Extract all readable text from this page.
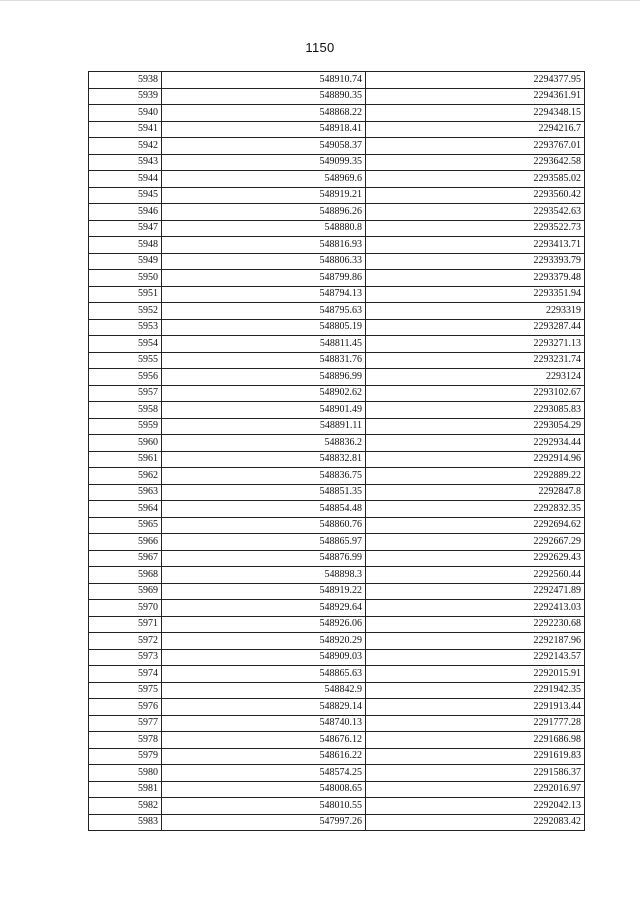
1150
5938	548910.74	2294377.95
5939	548890.35	2294361.91
5940	548868.22	2294348.15
5941	548918.41	2294216.7
5942	549058.37	2293767.01
5943	549099.35	2293642.58
5944	548969.6	2293585.02
5945	548919.21	2293560.42
5946	548896.26	2293542.63
5947	548880.8	2293522.73
5948	548816.93	2293413.71
5949	548806.33	2293393.79
5950	548799.86	2293379.48
5951	548794.13	2293351.94
5952	548795.63	2293319
5953	548805.19	2293287.44
5954	548811.45	2293271.13
5955	548831.76	2293231.74
5956	548896.99	2293124
5957	548902.62	2293102.67
5958	548901.49	2293085.83
5959	548891.11	2293054.29
5960	548836.2	2292934.44
5961	548832.81	2292914.96
5962	548836.75	2292889.22
5963	548851.35	2292847.8
5964	548854.48	2292832.35
5965	548860.76	2292694.62
5966	548865.97	2292667.29
5967	548876.99	2292629.43
5968	548898.3	2292560.44
5969	548919.22	2292471.89
5970	548929.64	2292413.03
5971	548926.06	2292230.68
5972	548920.29	2292187.96
5973	548909.03	2292143.57
5974	548865.63	2292015.91
5975	548842.9	2291942.35
5976	548829.14	2291913.44
5977	548740.13	2291777.28
5978	548676.12	2291686.98
5979	548616.22	2291619.83
5980	548574.25	2291586.37
5981	548008.65	2292016.97
5982	548010.55	2292042.13
5983	547997.26	2292083.42
